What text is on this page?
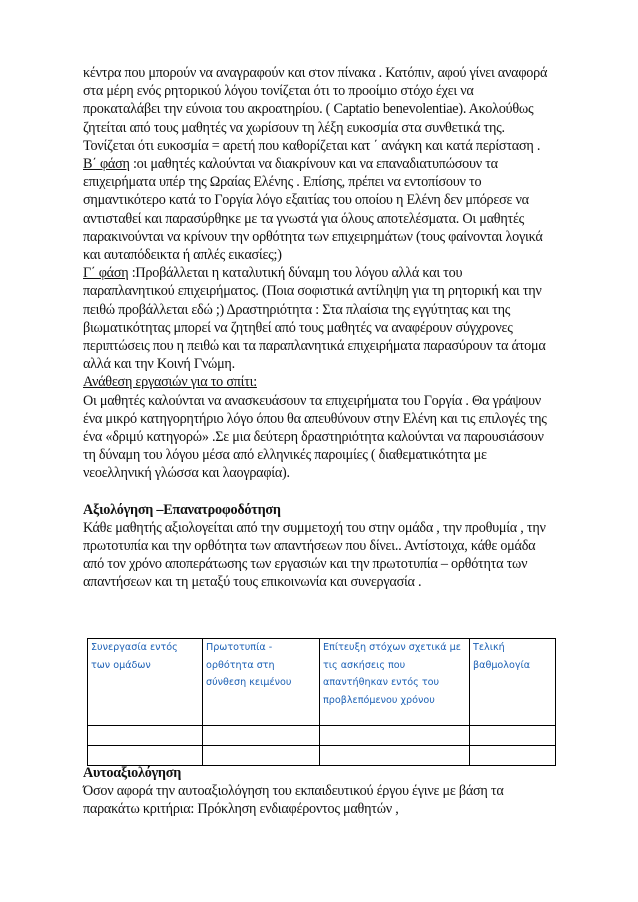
κέντρα που μπορούν να αναγραφούν και στον πίνακα . Κατόπιν, αφού γίνει αναφορά στα μέρη ενός ρητορικού λόγου τονίζεται ότι το προοίμιο στόχο έχει να προκαταλάβει την εύνοια του ακροατηρίου. ( Captatio benevolentiae). Ακολούθως ζητείται από τους μαθητές να χωρίσουν τη λέξη ευκοσμία στα συνθετικά της. Τονίζεται ότι ευκοσμία = αρετή που καθορίζεται κατ ΄ ανάγκη και κατά περίσταση .

Β΄ φάση :οι μαθητές καλούνται να διακρίνουν και να επαναδιατυπώσουν τα επιχειρήματα υπέρ της Ωραίας Ελένης . Επίσης, πρέπει να εντοπίσουν το σημαντικότερο κατά το Γοργία λόγο εξαιτίας του οποίου η Ελένη δεν μπόρεσε να αντισταθεί και παρασύρθηκε με τα γνωστά για όλους αποτελέσματα. Οι μαθητές παρακινούνται να κρίνουν την ορθότητα των επιχειρημάτων (τους φαίνονται λογικά και αυταπόδεικτα ή απλές εικασίες;)

Γ΄ φάση :Προβάλλεται η καταλυτική δύναμη του λόγου αλλά και του παραπλανητικού επιχειρήματος. (Ποια σοφιστικά αντίληψη για τη ρητορική και την πειθώ προβάλλεται εδώ ;) Δραστηριότητα : Στα πλαίσια της εγγύτητας και της βιωματικότητας μπορεί να ζητηθεί από τους μαθητές να αναφέρουν σύγχρονες περιπτώσεις που η πειθώ και τα παραπλανητικά επιχειρήματα παρασύρουν τα άτομα αλλά και την Κοινή Γνώμη.

Ανάθεση εργασιών για το σπίτι:

Οι μαθητές καλούνται να ανασκευάσουν τα επιχειρήματα του Γοργία . Θα γράψουν ένα μικρό κατηγορητήριο λόγο όπου θα απευθύνουν στην Ελένη και τις επιλογές της ένα «δριμύ κατηγορώ» .Σε μια δεύτερη δραστηριότητα καλούνται να παρουσιάσουν τη δύναμη του λόγου μέσα από ελληνικές παροιμίες ( διαθεματικότητα με νεοελληνική γλώσσα και λαογραφία).

Αξιολόγηση –Επανατροφοδότηση

Κάθε μαθητής αξιολογείται από την συμμετοχή του στην ομάδα , την προθυμία , την πρωτοτυπία και την ορθότητα των απαντήσεων που δίνει.. Αντίστοιχα, κάθε ομάδα από τον χρόνο αποπεράτωσης των εργασιών και την πρωτοτυπία – ορθότητα των απαντήσεων και τη μεταξύ τους επικοινωνία και συνεργασία .

Συνεργασία εντός των ομάδων	Πρωτοτυπία - ορθότητα στη σύνθεση κειμένου	Επίτευξη στόχων σχετικά με τις ασκήσεις που απαντήθηκαν εντός του προβλεπόμενου χρόνου	Τελική βαθμολογία

Αυτοαξιολόγηση

Όσον αφορά την αυτοαξιολόγηση του εκπαιδευτικού έργου έγινε με βάση τα παρακάτω κριτήρια: Πρόκληση ενδιαφέροντος μαθητών ,
